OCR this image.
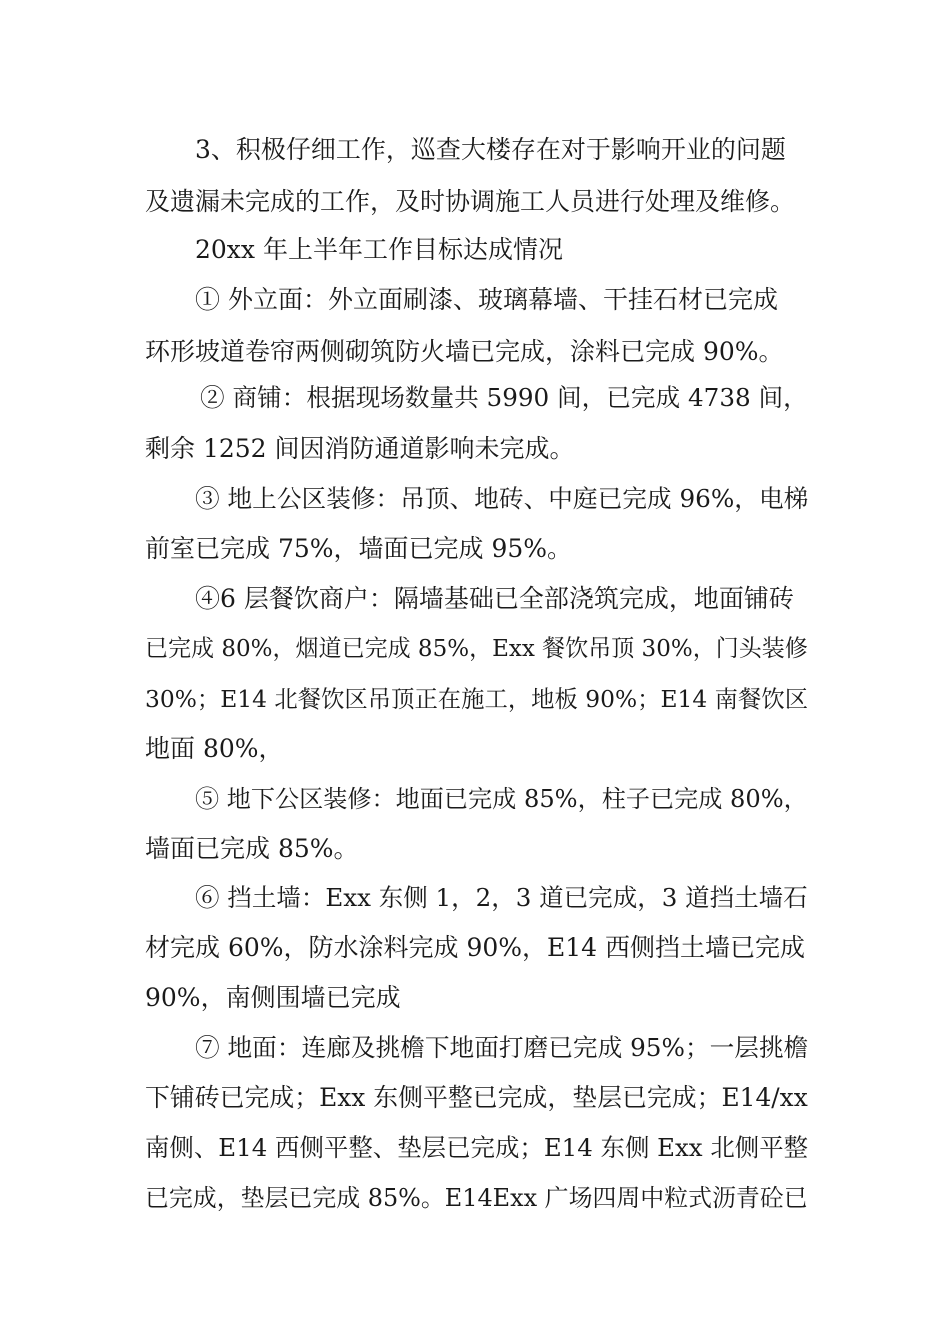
3、积极仔细工作，巡查大楼存在对于影响开业的问题
及遗漏未完成的工作，及时协调施工人员进行处理及维修。
20xx 年上半年工作目标达成情况
① 外立面：外立面刷漆、玻璃幕墙、干挂石材已完成
环形坡道卷帘两侧砌筑防火墙已完成，涂料已完成 90%。
② 商铺：根据现场数量共 5990 间，已完成 4738 间，
剩余 1252 间因消防通道影响未完成。
③ 地上公区装修：吊顶、地砖、中庭已完成 96%，电梯
前室已完成 75%，墙面已完成 95%。
④6 层餐饮商户：隔墙基础已全部浇筑完成，地面铺砖
已完成 80%，烟道已完成 85%，Exx 餐饮吊顶 30%，门头装修
30%；E14 北餐饮区吊顶正在施工，地板 90%；E14 南餐饮区
地面 80%，
⑤ 地下公区装修：地面已完成 85%，柱子已完成 80%，
墙面已完成 85%。
⑥ 挡土墙：Exx 东侧 1，2，3 道已完成，3 道挡土墙石
材完成 60%，防水涂料完成 90%，E14 西侧挡土墙已完成
90%，南侧围墙已完成
⑦ 地面：连廊及挑檐下地面打磨已完成 95%；一层挑檐
下铺砖已完成；Exx 东侧平整已完成，垫层已完成；E14/xx
南侧、E14 西侧平整、垫层已完成；E14 东侧 Exx 北侧平整
已完成，垫层已完成 85%。E14Exx 广场四周中粒式沥青砼已
